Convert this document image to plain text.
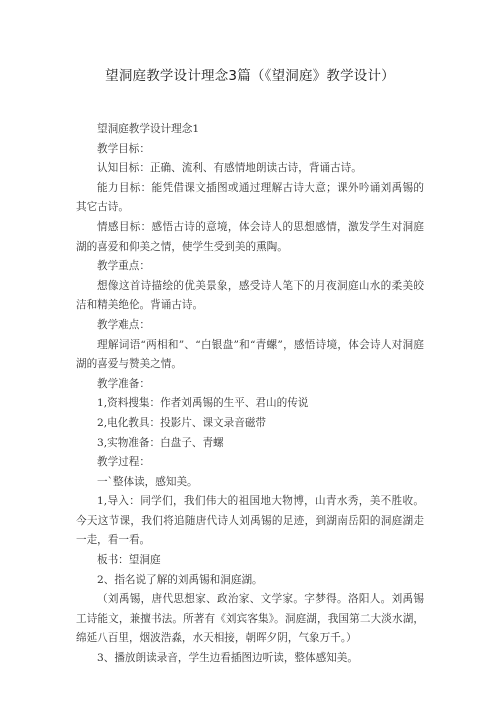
望洞庭教学设计理念3篇（《望洞庭》教学设计）

望洞庭教学设计理念1

教学目标：

认知目标：正确、流利、有感情地朗读古诗，背诵古诗。

能力目标：能凭借课文插图或通过理解古诗大意；课外吟诵刘禹锡的其它古诗。

情感目标：感悟古诗的意境，体会诗人的思想感情，激发学生对洞庭湖的喜爱和仰美之情，使学生受到美的熏陶。

教学重点：

想像这首诗描绘的优美景象，感受诗人笔下的月夜洞庭山水的柔美皎洁和精美绝伦。背诵古诗。

教学难点：

理解词语“两相和”、“白银盘”和“青螺”，感悟诗境，体会诗人对洞庭湖的喜爱与赞美之情。

教学准备：

1,资料搜集：作者刘禹锡的生平、君山的传说

2,电化教具：投影片、课文录音磁带

3,实物准备：白盘子、青螺

教学过程：

一`整体读，感知美。

1,导入：同学们，我们伟大的祖国地大物博，山青水秀，美不胜收。今天这节课，我们将追随唐代诗人刘禹锡的足迹，到湖南岳阳的洞庭湖走一走，看一看。

板书：望洞庭

2、指名说了解的刘禹锡和洞庭湖。

（刘禹锡，唐代思想家、政治家、文学家。字梦得。洛阳人。刘禹锡工诗能文，兼擅书法。所著有《刘宾客集》。洞庭湖，我国第二大淡水湖，绵延八百里，烟波浩淼，水天相接，朝晖夕阴，气象万千。）

3、播放朗读录音，学生边看插图边听读，整体感知美。
